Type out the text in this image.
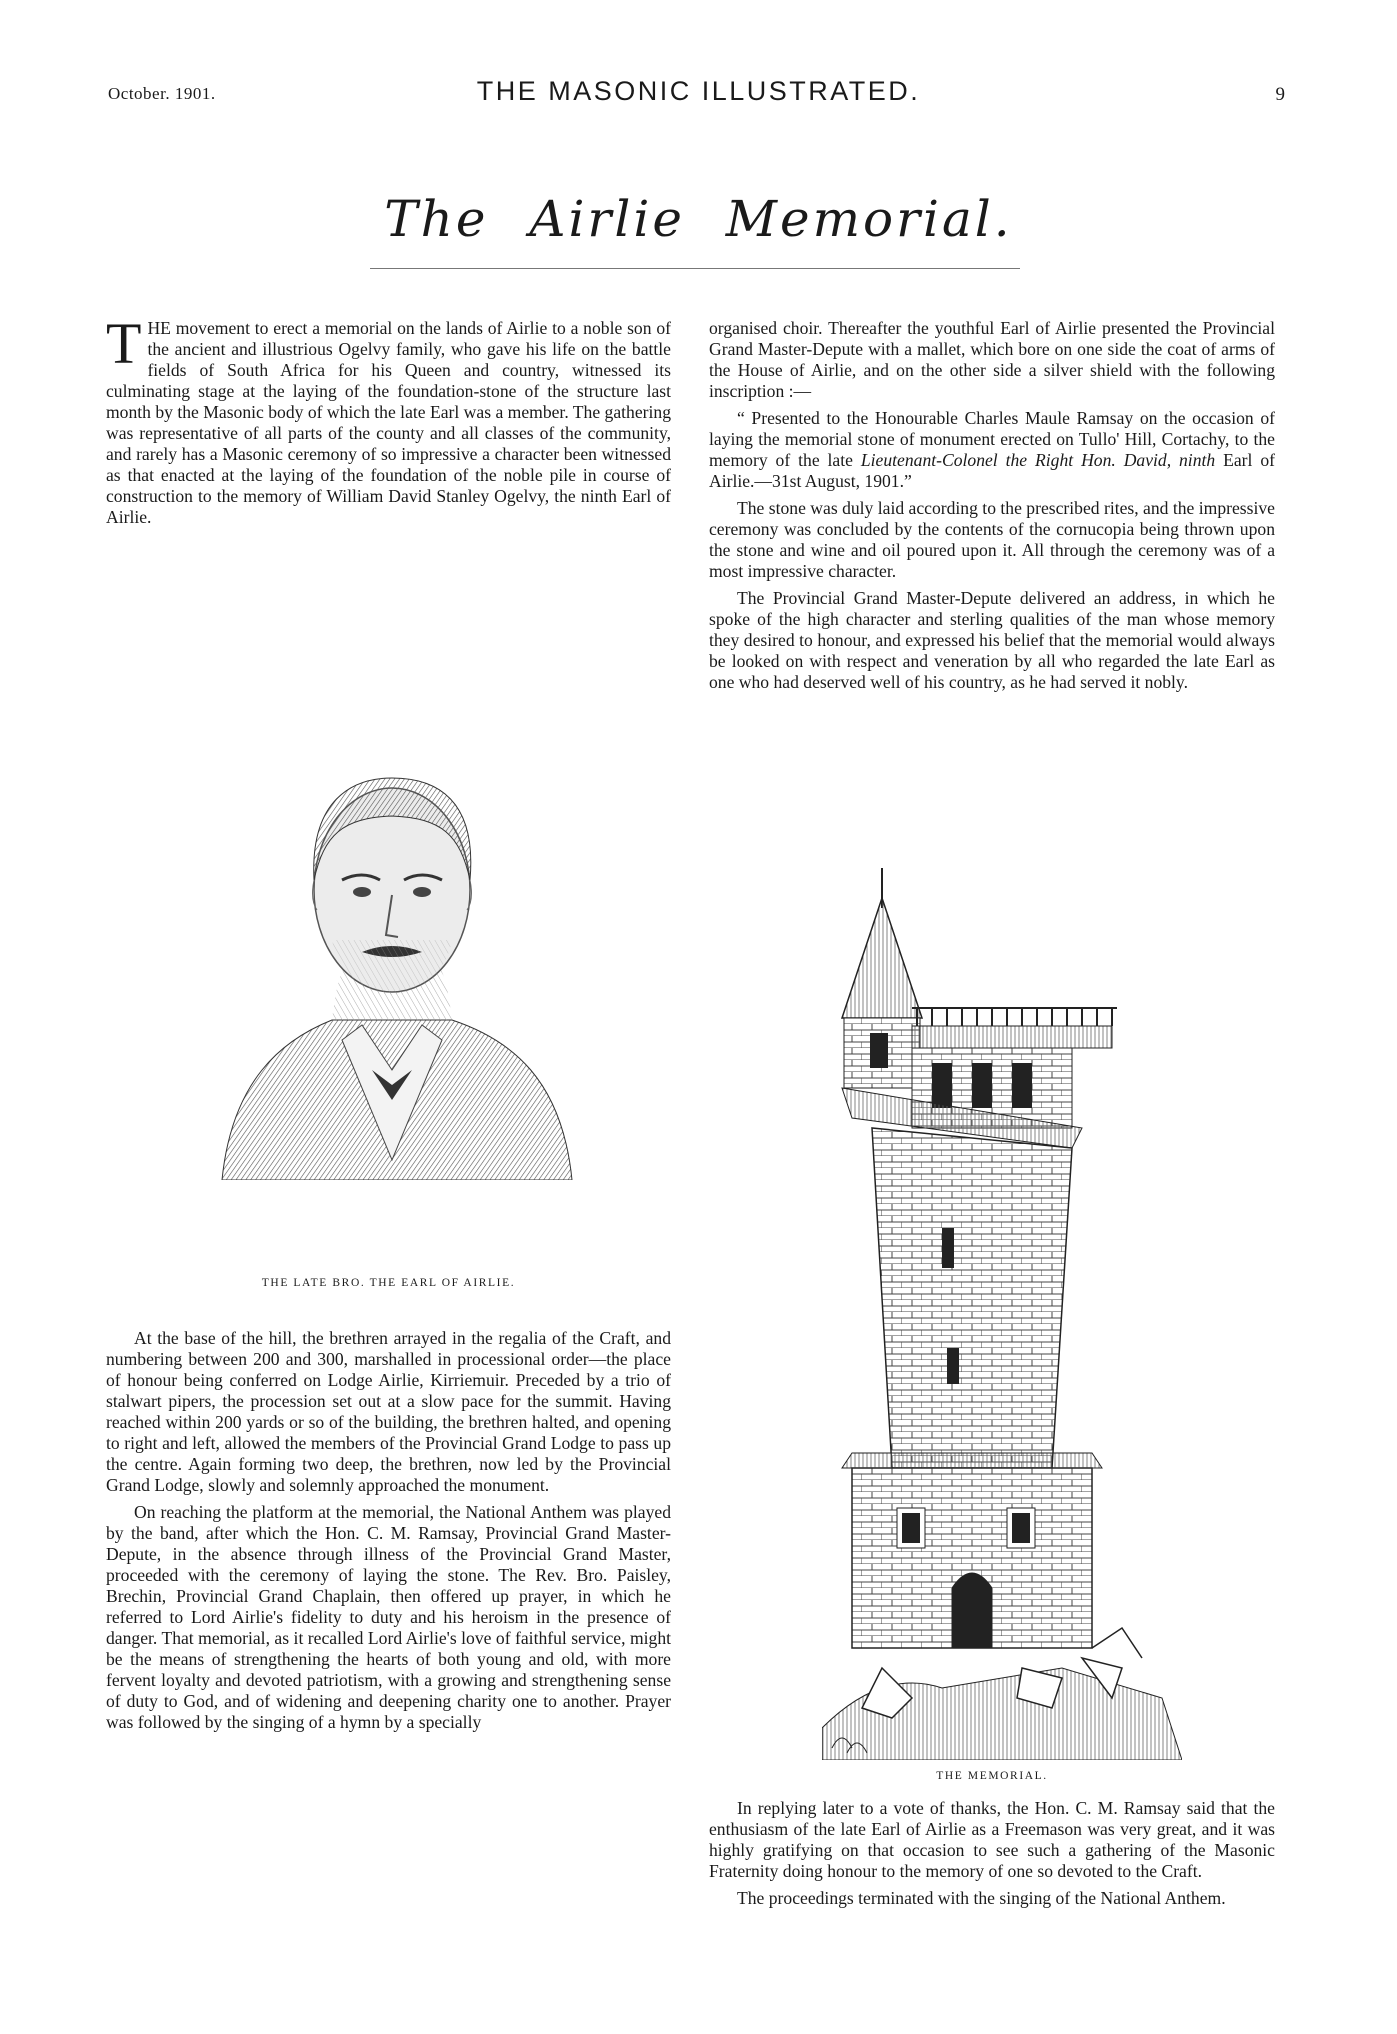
October. 1901.	THE MASONIC ILLUSTRATED.	9
The Airlie Memorial.

THE movement to erect a memorial on the lands of Airlie to a noble son of the ancient and illustrious Ogelvy family, who gave his life on the battle fields of South Africa for his Queen and country, witnessed its culminating stage at the laying of the foundation-stone of the structure last month by the Masonic body of which the late Earl was a member. The gathering was representative of all parts of the county and all classes of the community, and rarely has a Masonic ceremony of so impressive a character been witnessed as that enacted at the laying of the foundation of the noble pile in course of construction to the memory of William David Stanley Ogelvy, the ninth Earl of Airlie.

THE LATE BRO. THE EARL OF AIRLIE.

At the base of the hill, the brethren arrayed in the regalia of the Craft, and numbering between 200 and 300, marshalled in processional order—the place of honour being conferred on Lodge Airlie, Kirriemuir. Preceded by a trio of stalwart pipers, the procession set out at a slow pace for the summit. Having reached within 200 yards or so of the building, the brethren halted, and opening to right and left, allowed the members of the Provincial Grand Lodge to pass up the centre. Again forming two deep, the brethren, now led by the Provincial Grand Lodge, slowly and solemnly approached the monument.

On reaching the platform at the memorial, the National Anthem was played by the band, after which the Hon. C. M. Ramsay, Provincial Grand Master-Depute, in the absence through illness of the Provincial Grand Master, proceeded with the ceremony of laying the stone. The Rev. Bro. Paisley, Brechin, Provincial Grand Chaplain, then offered up prayer, in which he referred to Lord Airlie's fidelity to duty and his heroism in the presence of danger. That memorial, as it recalled Lord Airlie's love of faithful service, might be the means of strengthening the hearts of both young and old, with more fervent loyalty and devoted patriotism, with a growing and strengthening sense of duty to God, and of widening and deepening charity one to another. Prayer was followed by the singing of a hymn by a specially

organised choir. Thereafter the youthful Earl of Airlie presented the Provincial Grand Master-Depute with a mallet, which bore on one side the coat of arms of the House of Airlie, and on the other side a silver shield with the following inscription :—

“ Presented to the Honourable Charles Maule Ramsay on the occasion of laying the memorial stone of monument erected on Tullo' Hill, Cortachy, to the memory of the late Lieutenant-Colonel the Right Hon. David, ninth Earl of Airlie.—31st August, 1901.”

The stone was duly laid according to the prescribed rites, and the impressive ceremony was concluded by the contents of the cornucopia being thrown upon the stone and wine and oil poured upon it. All through the ceremony was of a most impressive character.

The Provincial Grand Master-Depute delivered an address, in which he spoke of the high character and sterling qualities of the man whose memory they desired to honour, and expressed his belief that the memorial would always be looked on with respect and veneration by all who regarded the late Earl as one who had deserved well of his country, as he had served it nobly.

THE MEMORIAL.

In replying later to a vote of thanks, the Hon. C. M. Ramsay said that the enthusiasm of the late Earl of Airlie as a Freemason was very great, and it was highly gratifying on that occasion to see such a gathering of the Masonic Fraternity doing honour to the memory of one so devoted to the Craft.

The proceedings terminated with the singing of the National Anthem.
